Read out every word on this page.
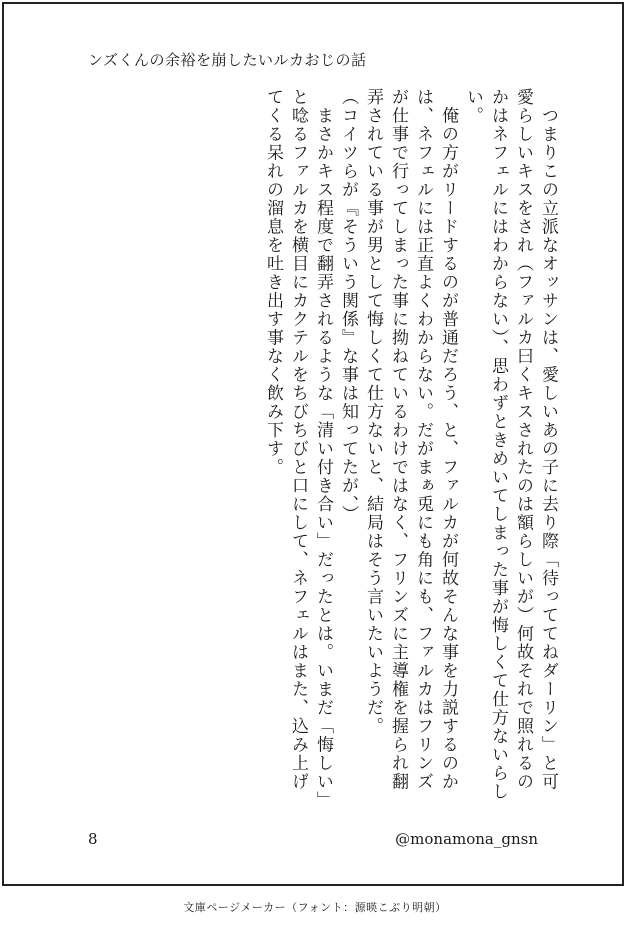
ンズくんの余裕を崩したいルカおじの話

　つまりこの立派なオッサンは、愛しいあの子に去り際「待っててねダーリン」と可愛らしいキスをされ（ファルカ曰くキスされたのは額らしいが）何故それで照れるのかはネフェルにはわからない）、思わずときめいてしまった事が悔しくて仕方ないらしい。

　俺の方がリードするのが普通だろう、と、ファルカが何故そんな事を力説するのかは、ネフェルには正直よくわからない。だがまぁ兎にも角にも、ファルカはフリンズが仕事で行ってしまった事に拗ねているわけではなく、フリンズに主導権を握られ翻弄されている事が男として悔しくて仕方ないと、結局はそう言いたいようだ。

（コイツらが『そういう関係』な事は知ってたが、）

　まさかキス程度で翻弄されるような「清い付き合い」だったとは。いまだ「悔しい」と唸るファルカを横目にカクテルをちびちびと口にして、ネフェルはまた、込み上げてくる呆れの溜息を吐き出す事なく飲み下す。

8	@monamona_gnsn
文庫ページメーカー（フォント：源暎こぶり明朝）
